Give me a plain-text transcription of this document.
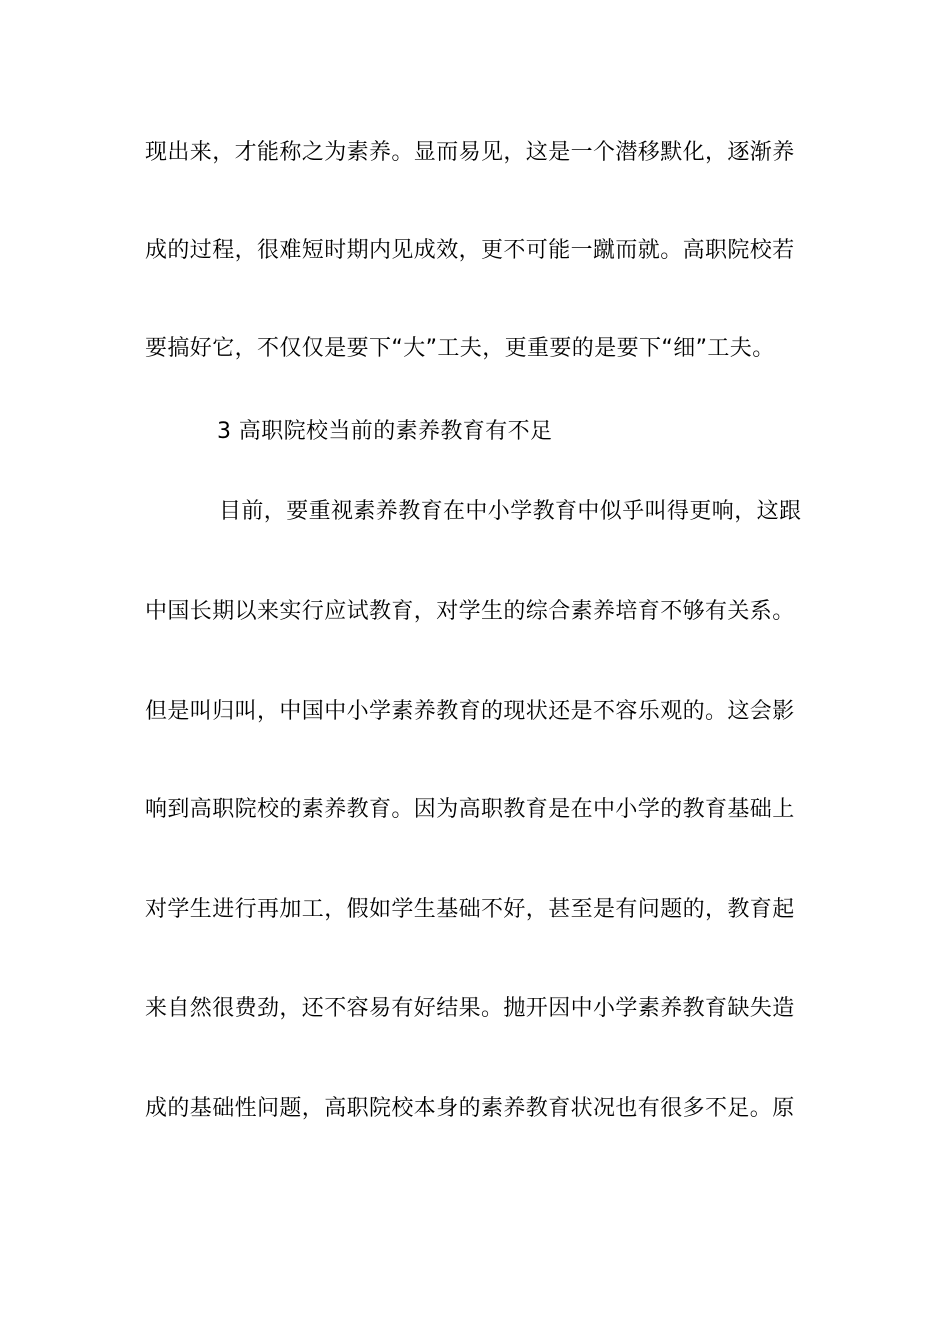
现出来，才能称之为素养。显而易见，这是一个潜移默化，逐渐养
成的过程，很难短时期内见成效，更不可能一蹴而就。高职院校若
要搞好它，不仅仅是要下“大”工夫，更重要的是要下“细”工夫。
3 高职院校当前的素养教育有不足
目前，要重视素养教育在中小学教育中似乎叫得更响，这跟
中国长期以来实行应试教育，对学生的综合素养培育不够有关系。
但是叫归叫，中国中小学素养教育的现状还是不容乐观的。这会影
响到高职院校的素养教育。因为高职教育是在中小学的教育基础上
对学生进行再加工，假如学生基础不好，甚至是有问题的，教育起
来自然很费劲，还不容易有好结果。抛开因中小学素养教育缺失造
成的基础性问题，高职院校本身的素养教育状况也有很多不足。原
